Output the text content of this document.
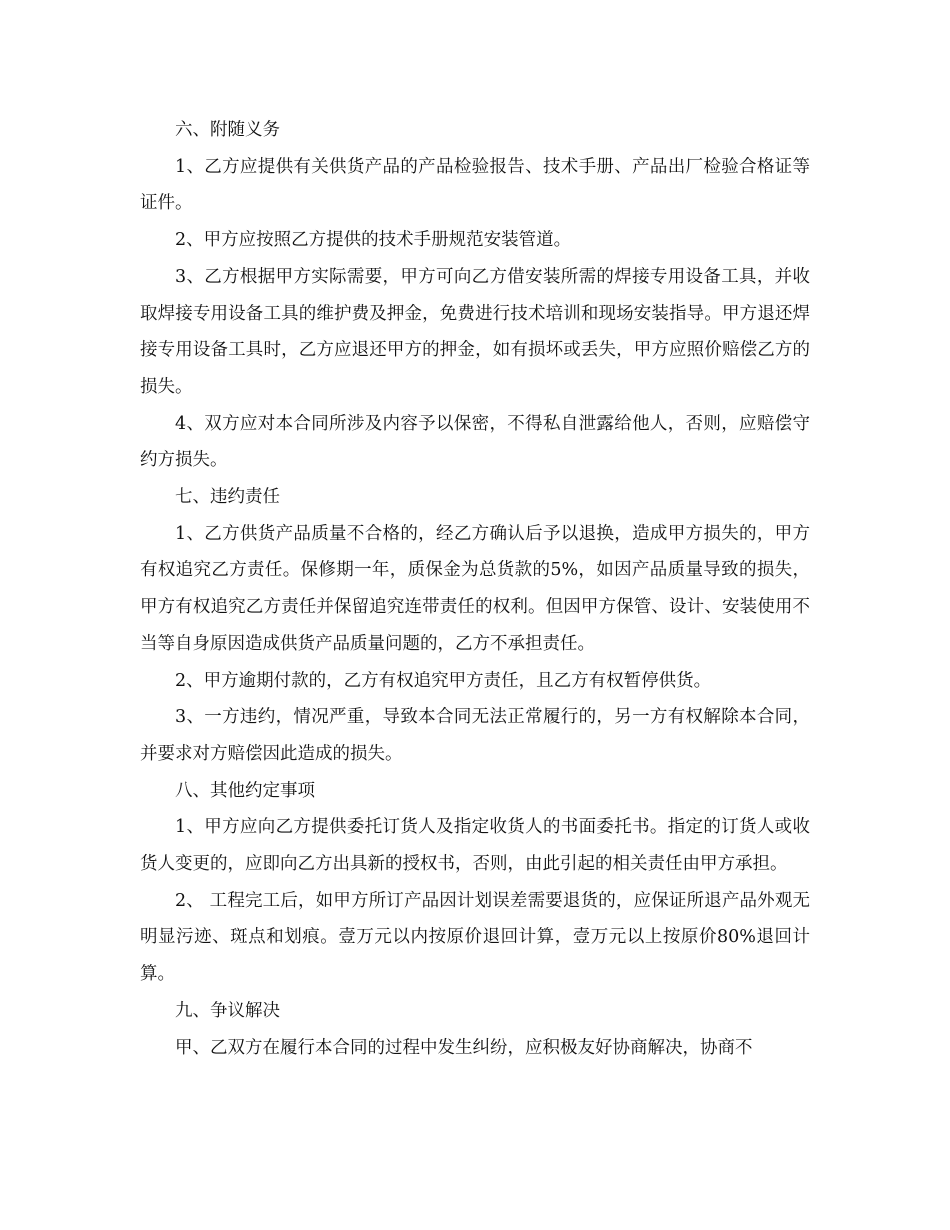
六、附随义务

1、乙方应提供有关供货产品的产品检验报告、技术手册、产品出厂检验合格证等证件。

2、甲方应按照乙方提供的技术手册规范安装管道。

3、乙方根据甲方实际需要，甲方可向乙方借安装所需的焊接专用设备工具，并收取焊接专用设备工具的维护费及押金，免费进行技术培训和现场安装指导。甲方退还焊接专用设备工具时，乙方应退还甲方的押金，如有损坏或丢失，甲方应照价赔偿乙方的损失。

4、双方应对本合同所涉及内容予以保密，不得私自泄露给他人，否则，应赔偿守约方损失。

七、违约责任

1、乙方供货产品质量不合格的，经乙方确认后予以退换，造成甲方损失的，甲方有权追究乙方责任。保修期一年，质保金为总货款的5%，如因产品质量导致的损失，甲方有权追究乙方责任并保留追究连带责任的权利。但因甲方保管、设计、安装使用不当等自身原因造成供货产品质量问题的，乙方不承担责任。

2、甲方逾期付款的，乙方有权追究甲方责任，且乙方有权暂停供货。

3、一方违约，情况严重，导致本合同无法正常履行的，另一方有权解除本合同，并要求对方赔偿因此造成的损失。

八、其他约定事项

1、甲方应向乙方提供委托订货人及指定收货人的书面委托书。指定的订货人或收货人变更的，应即向乙方出具新的授权书，否则，由此引起的相关责任由甲方承担。

2、 工程完工后，如甲方所订产品因计划误差需要退货的，应保证所退产品外观无明显污迹、斑点和划痕。壹万元以内按原价退回计算，壹万元以上按原价80%退回计算。

九、争议解决

甲、乙双方在履行本合同的过程中发生纠纷，应积极友好协商解决，协商不
